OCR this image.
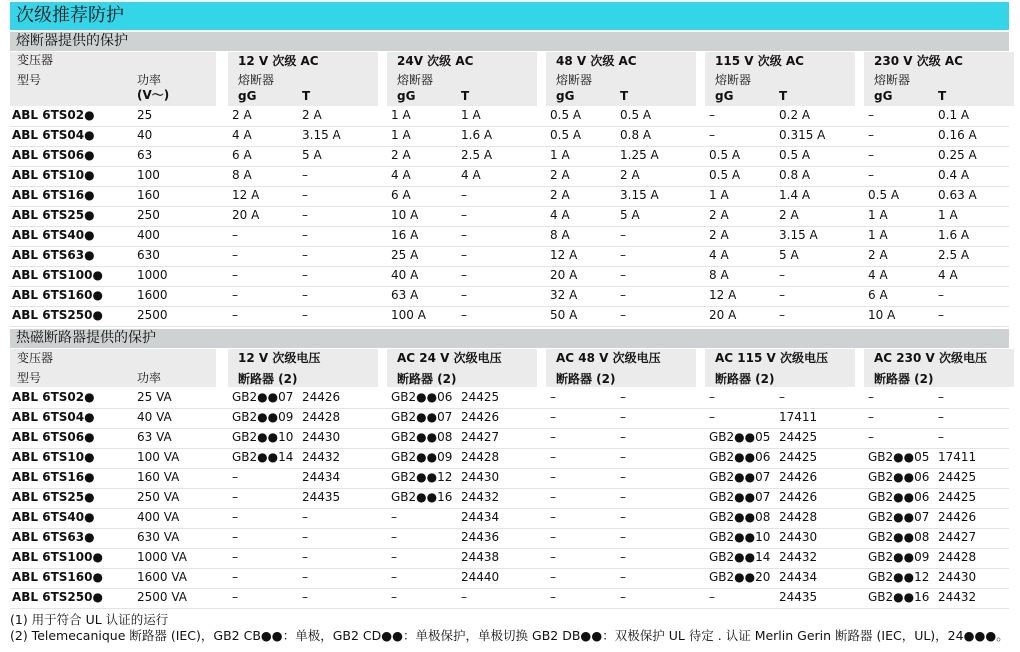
次级推荐防护
熔断器提供的保护
变压器
型号	功率
(V〜)
12 V 次级 AC
熔断器
gG	T
24V 次级 AC
熔断器
gG	T
48 V 次级 AC
熔断器
gG	T
115 V 次级 AC
熔断器
gG	T
230 V 次级 AC
熔断器
gG	T
ABL 6TS02●	25	2 A	2 A	1 A	1 A	0.5 A	0.5 A	–	0.2 A	–	0.1 A
ABL 6TS04●	40	4 A	3.15 A	1 A	1.6 A	0.5 A	0.8 A	–	0.315 A	–	0.16 A
ABL 6TS06●	63	6 A	5 A	2 A	2.5 A	1 A	1.25 A	0.5 A	0.5 A	–	0.25 A
ABL 6TS10●	100	8 A	–	4 A	4 A	2 A	2 A	0.5 A	0.8 A	–	0.4 A
ABL 6TS16●	160	12 A	–	6 A	–	2 A	3.15 A	1 A	1.4 A	0.5 A	0.63 A
ABL 6TS25●	250	20 A	–	10 A	–	4 A	5 A	2 A	2 A	1 A	1 A
ABL 6TS40●	400	–	–	16 A	–	8 A	–	2 A	3.15 A	1 A	1.6 A
ABL 6TS63●	630	–	–	25 A	–	12 A	–	4 A	5 A	2 A	2.5 A
ABL 6TS100●	1000	–	–	40 A	–	20 A	–	8 A	–	4 A	4 A
ABL 6TS160●	1600	–	–	63 A	–	32 A	–	12 A	–	6 A	–
ABL 6TS250●	2500	–	–	100 A	–	50 A	–	20 A	–	10 A	–
热磁断路器提供的保护
变压器
型号	功率
12 V 次级电压
断路器 (2)
AC 24 V 次级电压
断路器 (2)
AC 48 V 次级电压
断路器 (2)
AC 115 V 次级电压
断路器 (2)
AC 230 V 次级电压
断路器 (2)
ABL 6TS02●	25 VA	GB2●●07 24426	GB2●●06 24425	–	–	–	–	–	–
ABL 6TS04●	40 VA	GB2●●09 24428	GB2●●07 24426	–	–	–	17411	–	–
ABL 6TS06●	63 VA	GB2●●10 24430	GB2●●08 24427	–	–	GB2●●05 24425	–	–
ABL 6TS10●	100 VA	GB2●●14 24432	GB2●●09 24428	–	–	GB2●●06 24425	GB2●●05 17411
ABL 6TS16●	160 VA	–	24434	GB2●●12 24430	–	–	GB2●●07 24426	GB2●●06 24425
ABL 6TS25●	250 VA	–	24435	GB2●●16 24432	–	–	GB2●●07 24426	GB2●●06 24425
ABL 6TS40●	400 VA	–	–	–	24434	–	–	GB2●●08 24428	GB2●●07 24426
ABL 6TS63●	630 VA	–	–	–	24436	–	–	GB2●●10 24430	GB2●●08 24427
ABL 6TS100●	1000 VA	–	–	–	24438	–	–	GB2●●14 24432	GB2●●09 24428
ABL 6TS160●	1600 VA	–	–	–	24440	–	–	GB2●●20 24434	GB2●●12 24430
ABL 6TS250●	2500 VA	–	–	–	–	–	–	–	24435	GB2●●16 24432
(1) 用于符合 UL 认证的运行
(2) Telemecanique 断路器 (IEC)，GB2 CB●●：单极，GB2 CD●●：单极保护，单极切换 GB2 DB●●：双极保护 UL 待定 . 认证 Merlin Gerin 断路器 (IEC，UL)，24●●●。
